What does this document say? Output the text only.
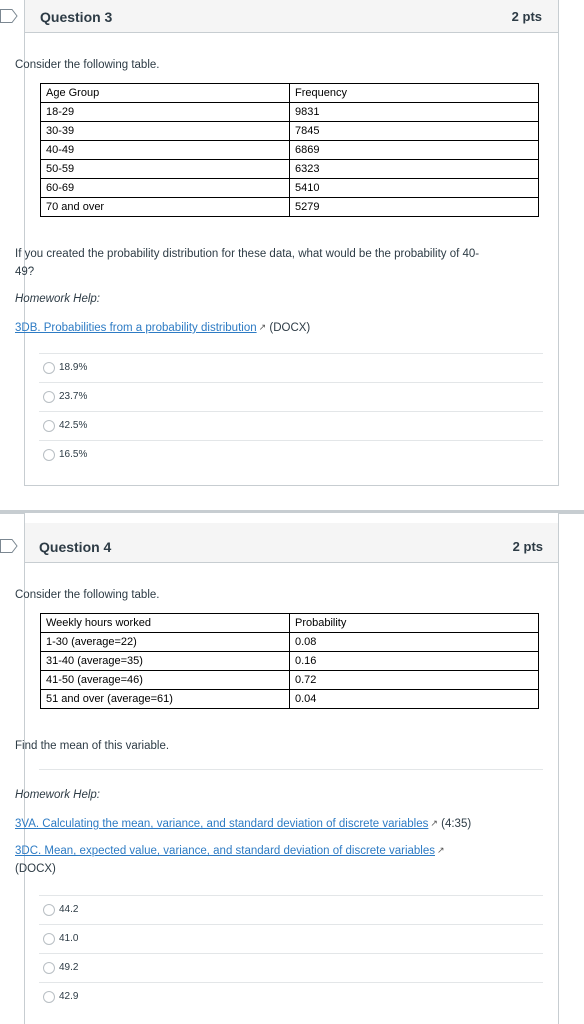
Question 3	2 pts
Consider the following table.
Age Group	Frequency
18-29	9831
30-39	7845
40-49	6869
50-59	6323
60-69	5410
70 and over	5279
If you created the probability distribution for these data, what would be the probability of 40-
49?
Homework Help:
3DB. Probabilities from a probability distribution ↗ (DOCX)
18.9%
23.7%
42.5%
16.5%
Question 4	2 pts
Consider the following table.
Weekly hours worked	Probability
1-30 (average=22)	0.08
31-40 (average=35)	0.16
41-50 (average=46)	0.72
51 and over (average=61)	0.04
Find the mean of this variable.
Homework Help:
3VA. Calculating the mean, variance, and standard deviation of discrete variables ↗ (4:35)
3DC. Mean, expected value, variance, and standard deviation of discrete variables ↗
(DOCX)
44.2
41.0
49.2
42.9
